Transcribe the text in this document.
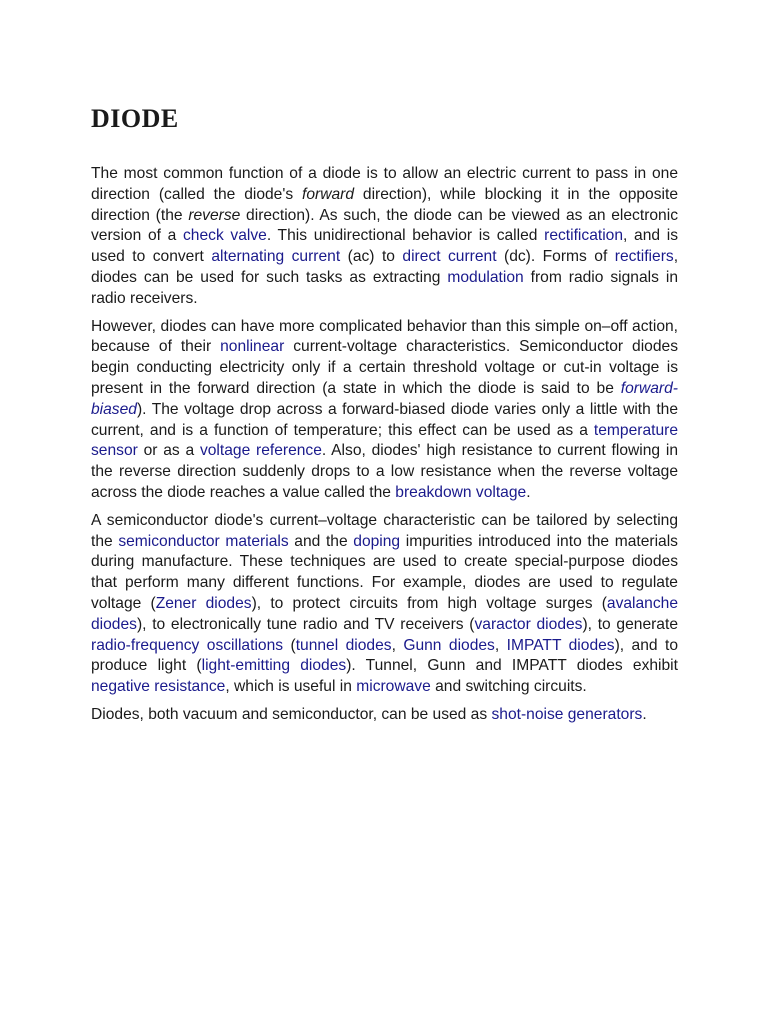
DIODE

The most common function of a diode is to allow an electric current to pass in one direction (called the diode's forward direction), while blocking it in the opposite direction (the reverse direction). As such, the diode can be viewed as an electronic version of a check valve. This unidirectional behavior is called rectification, and is used to convert alternating current (ac) to direct current (dc). Forms of rectifiers, diodes can be used for such tasks as extracting modulation from radio signals in radio receivers.

However, diodes can have more complicated behavior than this simple on–off action, because of their nonlinear current-voltage characteristics. Semiconductor diodes begin conducting electricity only if a certain threshold voltage or cut-in voltage is present in the forward direction (a state in which the diode is said to be forward-biased). The voltage drop across a forward-biased diode varies only a little with the current, and is a function of temperature; this effect can be used as a temperature sensor or as a voltage reference. Also, diodes' high resistance to current flowing in the reverse direction suddenly drops to a low resistance when the reverse voltage across the diode reaches a value called the breakdown voltage.

A semiconductor diode's current–voltage characteristic can be tailored by selecting the semiconductor materials and the doping impurities introduced into the materials during manufacture. These techniques are used to create special-purpose diodes that perform many different functions. For example, diodes are used to regulate voltage (Zener diodes), to protect circuits from high voltage surges (avalanche diodes), to electronically tune radio and TV receivers (varactor diodes), to generate radio-frequency oscillations (tunnel diodes, Gunn diodes, IMPATT diodes), and to produce light (light-emitting diodes). Tunnel, Gunn and IMPATT diodes exhibit negative resistance, which is useful in microwave and switching circuits.

Diodes, both vacuum and semiconductor, can be used as shot-noise generators.
